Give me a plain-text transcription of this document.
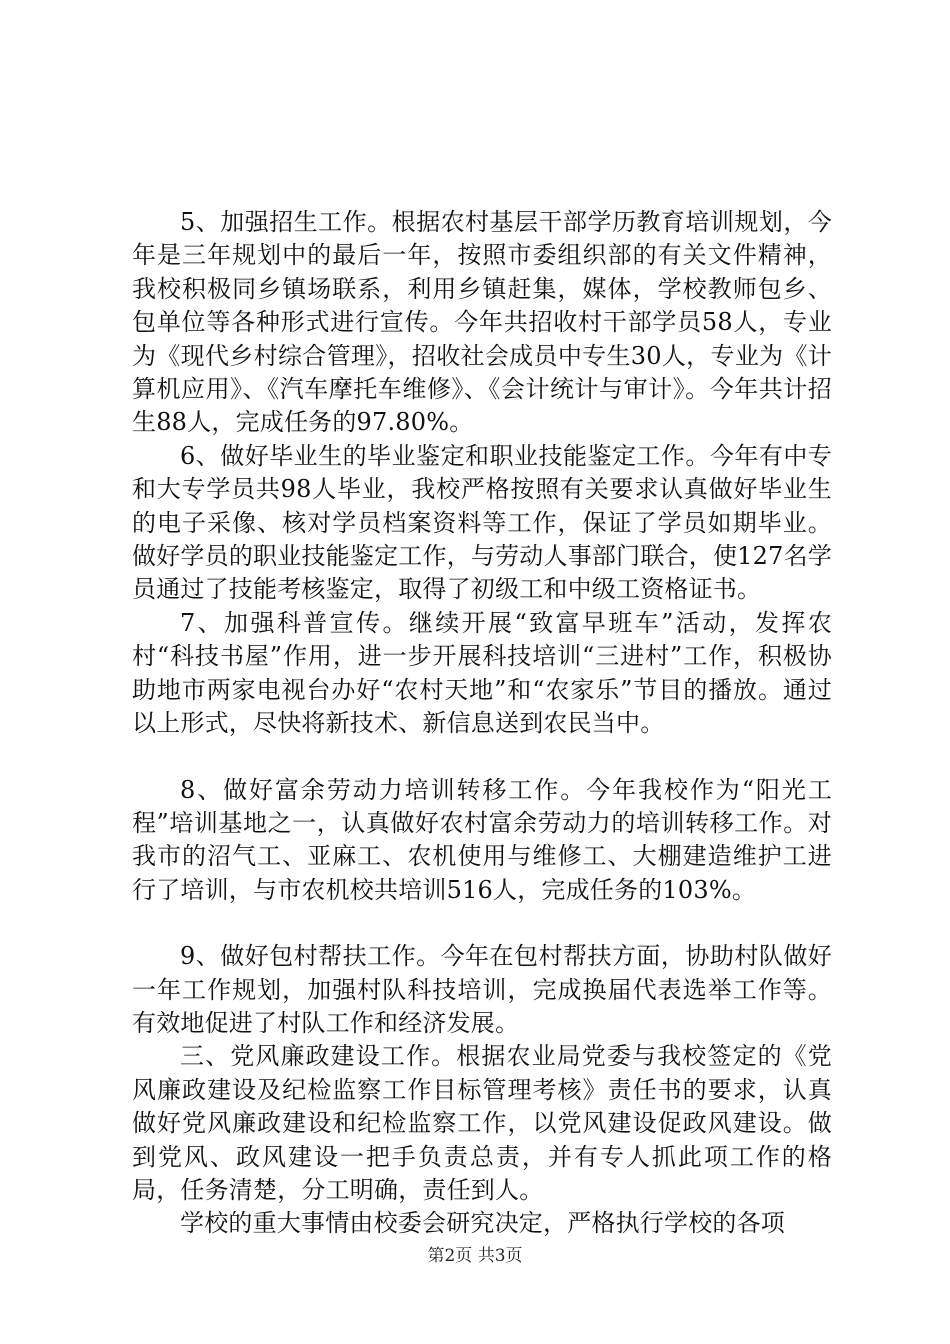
5、加强招生工作。根据农村基层干部学历教育培训规划，今年是三年规划中的最后一年，按照市委组织部的有关文件精神，我校积极同乡镇场联系，利用乡镇赶集，媒体，学校教师包乡、包单位等各种形式进行宣传。今年共招收村干部学员58人，专业为《现代乡村综合管理》，招收社会成员中专生30人，专业为《计算机应用》、《汽车摩托车维修》、《会计统计与审计》。今年共计招生88人，完成任务的97.80%。

6、做好毕业生的毕业鉴定和职业技能鉴定工作。今年有中专和大专学员共98人毕业，我校严格按照有关要求认真做好毕业生的电子采像、核对学员档案资料等工作，保证了学员如期毕业。做好学员的职业技能鉴定工作，与劳动人事部门联合，使127名学员通过了技能考核鉴定，取得了初级工和中级工资格证书。

7、加强科普宣传。继续开展“致富早班车”活动，发挥农村“科技书屋”作用，进一步开展科技培训“三进村”工作，积极协助地市两家电视台办好“农村天地”和“农家乐”节目的播放。通过以上形式，尽快将新技术、新信息送到农民当中。

8、做好富余劳动力培训转移工作。今年我校作为“阳光工程”培训基地之一，认真做好农村富余劳动力的培训转移工作。对我市的沼气工、亚麻工、农机使用与维修工、大棚建造维护工进行了培训，与市农机校共培训516人，完成任务的103%。

9、做好包村帮扶工作。今年在包村帮扶方面，协助村队做好一年工作规划，加强村队科技培训，完成换届代表选举工作等。有效地促进了村队工作和经济发展。

三、党风廉政建设工作。根据农业局党委与我校签定的《党风廉政建设及纪检监察工作目标管理考核》责任书的要求，认真做好党风廉政建设和纪检监察工作，以党风建设促政风建设。做到党风、政风建设一把手负责总责，并有专人抓此项工作的格局，任务清楚，分工明确，责任到人。

学校的重大事情由校委会研究决定，严格执行学校的各项

第2页 共3页
